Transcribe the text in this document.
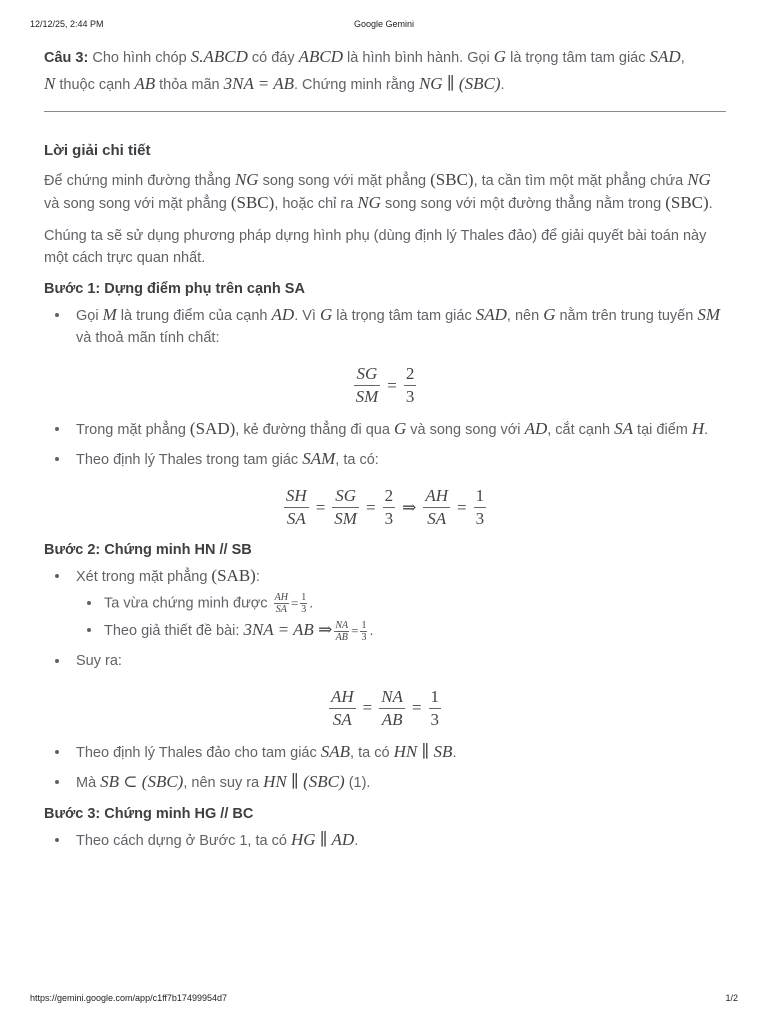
12/12/25, 2:44 PM	Google Gemini
Câu 3: Cho hình chóp S.ABCD có đáy ABCD là hình bình hành. Gọi G là trọng tâm tam giác SAD,
N thuộc cạnh AB thỏa mãn 3NA = AB. Chứng minh rằng NG ∥ (SBC).
Lời giải chi tiết

Để chứng minh đường thẳng NG song song với mặt phẳng (SBC), ta cần tìm một mặt phẳng chứa NG và song song với mặt phẳng (SBC), hoặc chỉ ra NG song song với một đường thẳng nằm trong (SBC).

Chúng ta sẽ sử dụng phương pháp dựng hình phụ (dùng định lý Thales đảo) để giải quyết bài toán này một cách trực quan nhất.

Bước 1: Dựng điểm phụ trên cạnh SA
Gọi M là trung điểm của cạnh AD. Vì G là trọng tâm tam giác SAD, nên G nằm trên trung tuyến SM và thoả mãn tính chất:
$\frac{SG}{SM} = \frac{2}{3}$
Trong mặt phẳng (SAD), kẻ đường thẳng đi qua G và song song với AD, cắt cạnh SA tại điểm H.
Theo định lý Thales trong tam giác SAM, ta có:
$\frac{SH}{SA} = \frac{SG}{SM} = \frac{2}{3}$ ⇒ $\frac{AH}{SA} = \frac{1}{3}$
Bước 2: Chứng minh HN // SB
Xét trong mặt phẳng (SAB):
Ta vừa chứng minh được $\frac{AH}{SA} = \frac{1}{3}$ .
Theo giả thiết đề bài: 3NA = AB ⇒ $\frac{NA}{AB} = \frac{1}{3}$ .
Suy ra:
$\frac{AH}{SA} = \frac{NA}{AB} = \frac{1}{3}$
Theo định lý Thales đảo cho tam giác SAB, ta có HN ∥ SB.
Mà SB ⊂ (SBC), nên suy ra HN ∥ (SBC) (1).
Bước 3: Chứng minh HG // BC
Theo cách dựng ở Bước 1, ta có HG ∥ AD.
https://gemini.google.com/app/c1ff7b17499954d7	1/2
